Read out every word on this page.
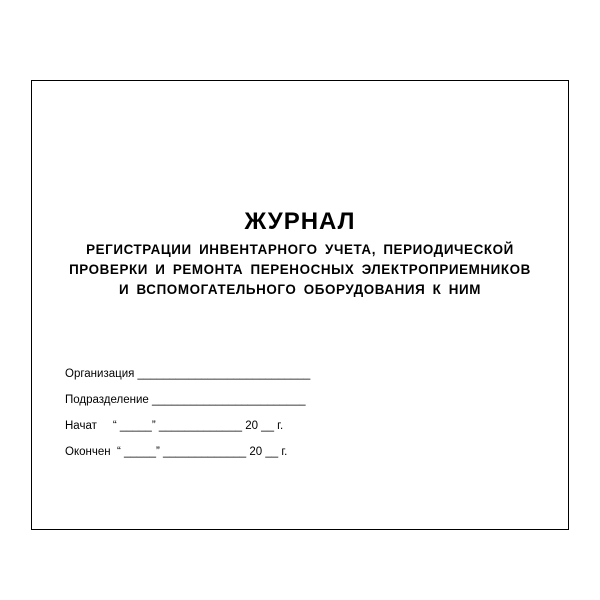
ЖУРНАЛ
РЕГИСТРАЦИИ ИНВЕНТАРНОГО УЧЕТА, ПЕРИОДИЧЕСКОЙ
ПРОВЕРКИ И РЕМОНТА ПЕРЕНОСНЫХ ЭЛЕКТРОПРИЕМНИКОВ
И ВСПОМОГАТЕЛЬНОГО ОБОРУДОВАНИЯ К НИМ
Организация ___________________________
Подразделение ________________________
Начат     “ _____” _____________ 20 __ г.
Окончен  “ _____” _____________ 20 __ г.
